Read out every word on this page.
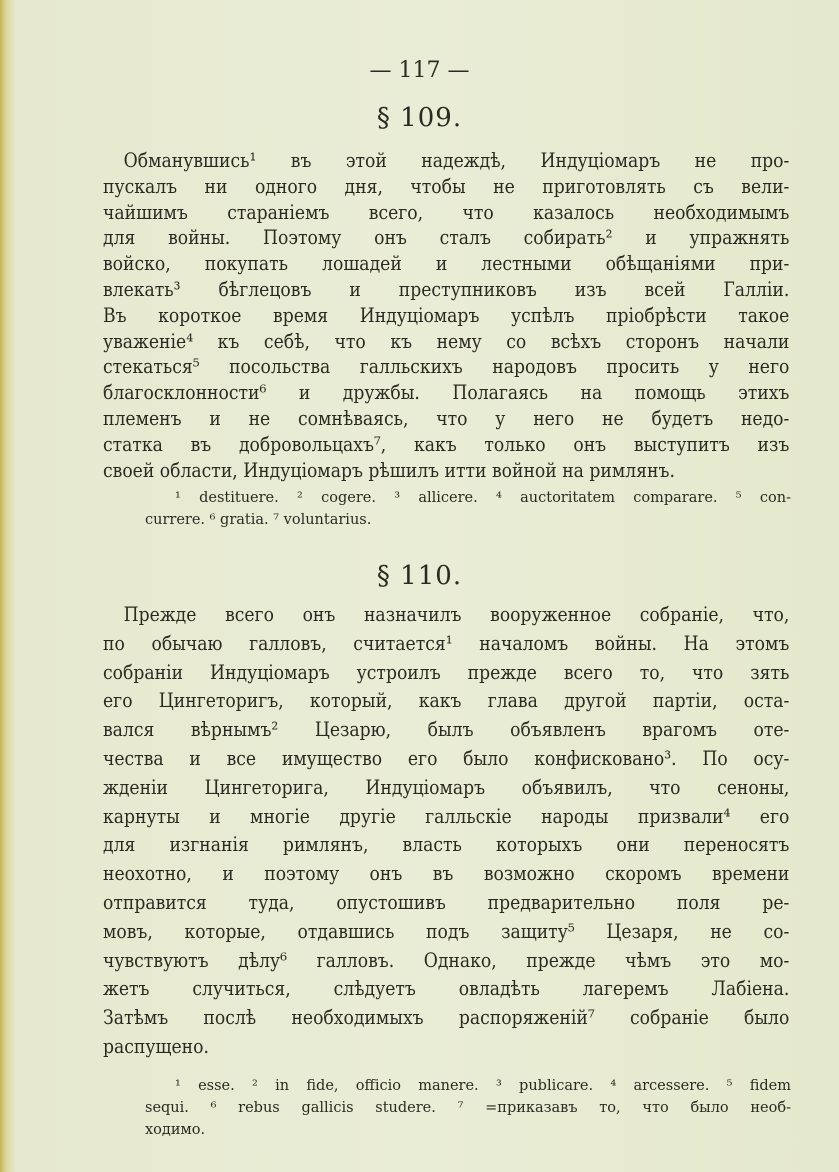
— 117 —
§ 109.
Обманувшись¹ въ этой надеждѣ, Индуціомаръ не про-
пускалъ ни одного дня, чтобы не приготовлять съ вели-
чайшимъ стараніемъ всего, что казалось необходимымъ
для войны. Поэтому онъ сталъ собирать² и упражнять
войско, покупать лошадей и лестными обѣщаніями при-
влекать³ бѣглецовъ и преступниковъ изъ всей Галліи.
Въ короткое время Индуціомаръ успѣлъ пріобрѣсти такое
уваженіе⁴ къ себѣ, что къ нему со всѣхъ сторонъ начали
стекаться⁵ посольства галльскихъ народовъ просить у него
благосклонности⁶ и дружбы. Полагаясь на помощь этихъ
племенъ и не сомнѣваясь, что у него не будетъ недо-
статка въ добровольцахъ⁷, какъ только онъ выступитъ изъ
своей области, Индуціомаръ рѣшилъ итти войной на римлянъ.
¹ destituere. ² cogere. ³ allicere. ⁴ auctoritatem comparare. ⁵ con-
currere. ⁶ gratia. ⁷ voluntarius.
§ 110.
Прежде всего онъ назначилъ вооруженное собраніе, что,
по обычаю галловъ, считается¹ началомъ войны. На этомъ
собраніи Индуціомаръ устроилъ прежде всего то, что зять
его Цингеторигъ, который, какъ глава другой партіи, оста-
вался вѣрнымъ² Цезарю, былъ объявленъ врагомъ оте-
чества и все имущество его было конфисковано³. По осу-
жденіи Цингеторига, Индуціомаръ объявилъ, что сеноны,
карнуты и многіе другіе галльскіе народы призвали⁴ его
для изгнанія римлянъ, власть которыхъ они переносятъ
неохотно, и поэтому онъ въ возможно скоромъ времени
отправится туда, опустошивъ предварительно поля ре-
мовъ, которые, отдавшись подъ защиту⁵ Цезаря, не со-
чувствуютъ дѣлу⁶ галловъ. Однако, прежде чѣмъ это мо-
жетъ случиться, слѣдуетъ овладѣть лагеремъ Лабіена.
Затѣмъ послѣ необходимыхъ распоряженій⁷ собраніе было
распущено.
¹ esse. ² in fide, officio manere. ³ publicare. ⁴ arcessere. ⁵ fidem
sequi. ⁶ rebus gallicis studere. ⁷ =приказавъ то, что было необ-
ходимо.
